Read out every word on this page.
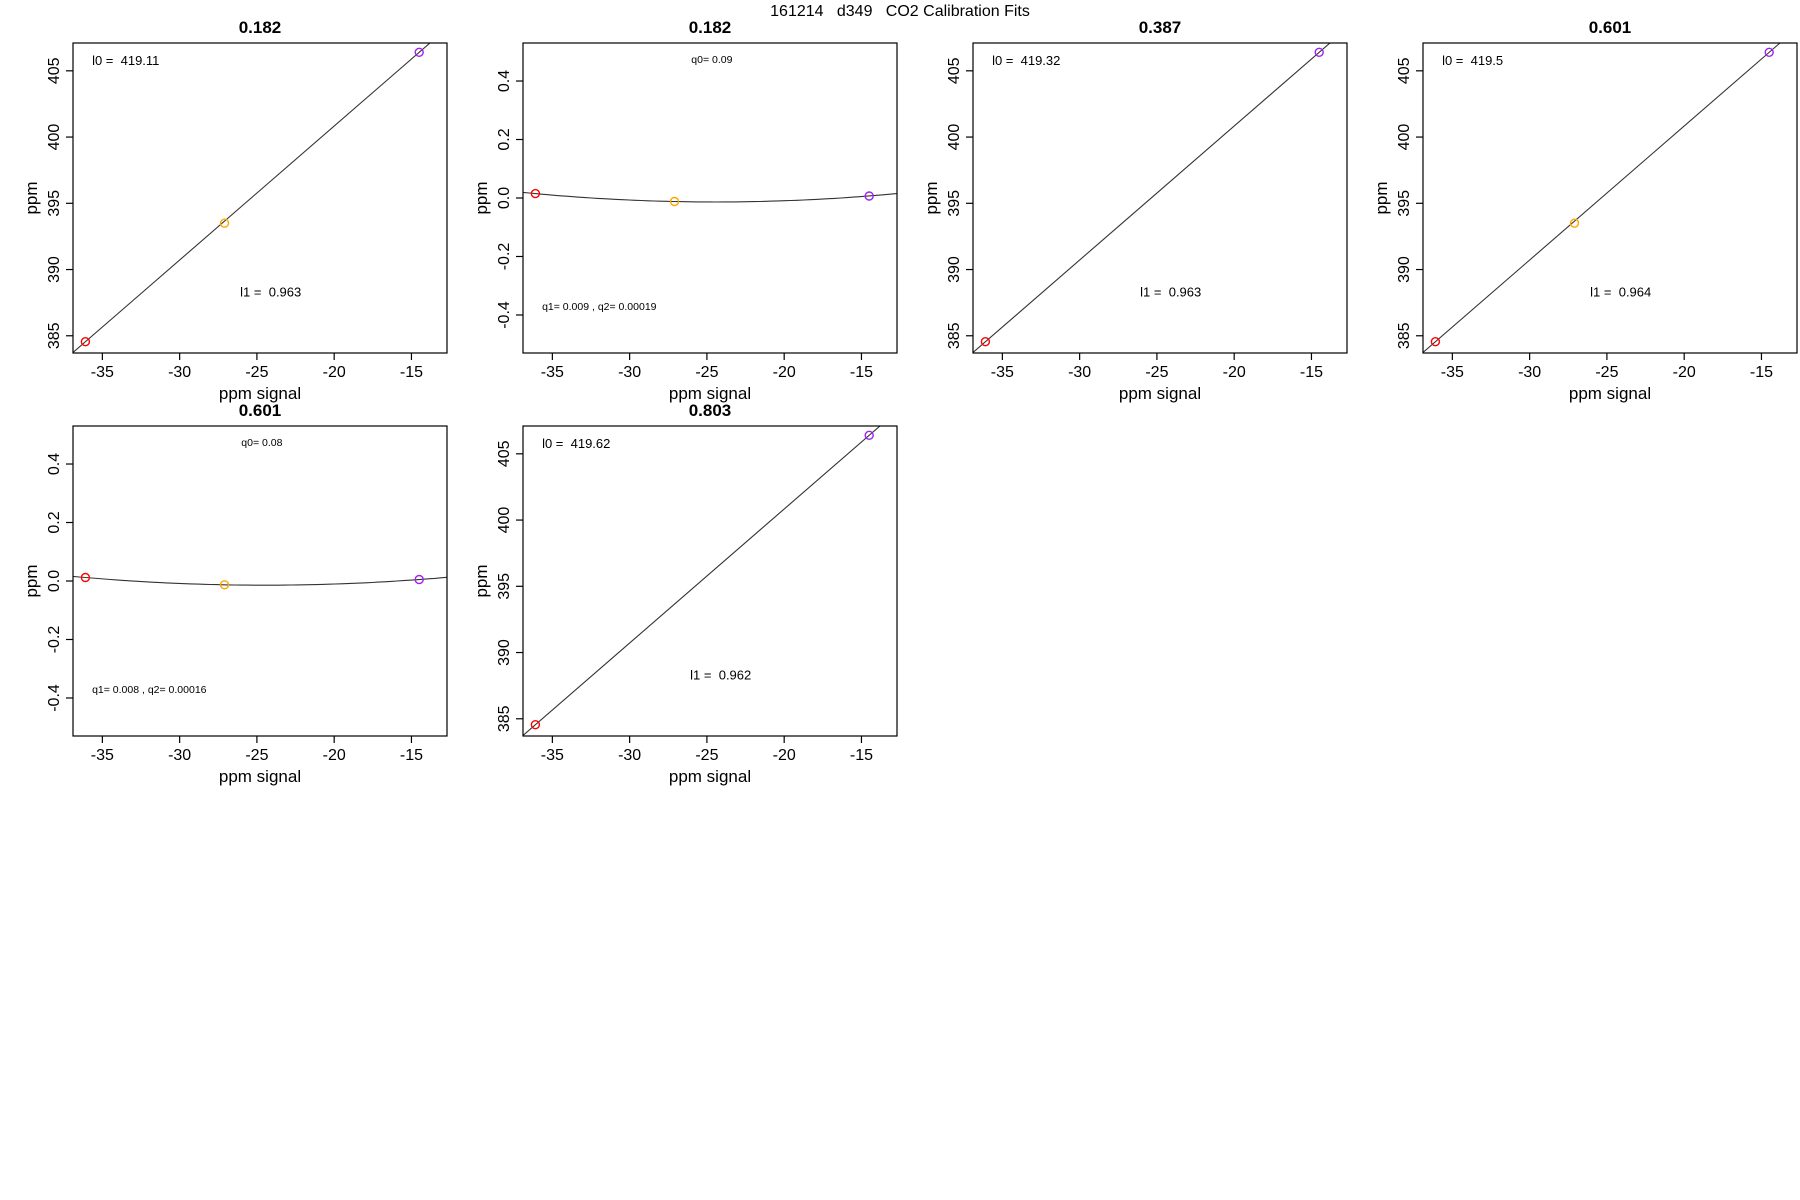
161214   d349   CO2 Calibration Fits
0.182
-35	-30	-25	-20	-15
ppm signal
385
390
395
400
405
ppm
l0 =  419.11
l1 =  0.963
0.182
-35	-30	-25	-20	-15
ppm signal
-0.4
-0.2
0.0
0.2
0.4
ppm
q0= 0.09
q1= 0.009 , q2= 0.00019
0.387
-35	-30	-25	-20	-15
ppm signal
385
390
395
400
405
ppm
l0 =  419.32
l1 =  0.963
0.601
-35	-30	-25	-20	-15
ppm signal
385
390
395
400
405
ppm
l0 =  419.5
l1 =  0.964
0.601
-35	-30	-25	-20	-15
ppm signal
-0.4
-0.2
0.0
0.2
0.4
ppm
q0= 0.08
q1= 0.008 , q2= 0.00016
0.803
-35	-30	-25	-20	-15
ppm signal
385
390
395
400
405
ppm
l0 =  419.62
l1 =  0.962
